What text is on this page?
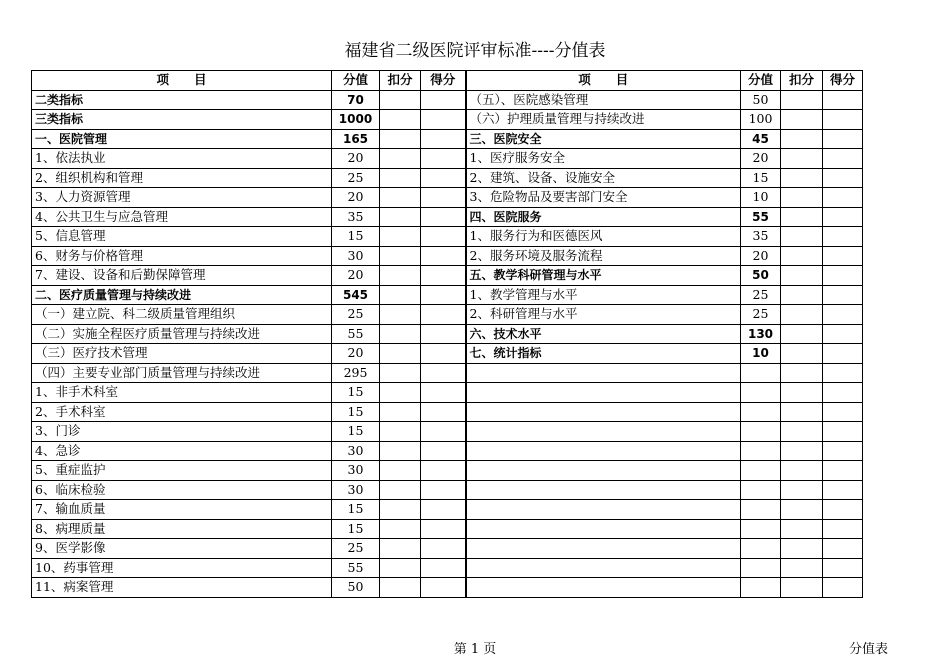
福建省二级医院评审标准----分值表
项　　目	分值	扣分	得分	项　　目	分值	扣分	得分
二类指标	70			（五）、医院感染管理	50		
三类指标	1000			（六）护理质量管理与持续改进	100		
一、医院管理	165			三、医院安全	45		
1、依法执业	20			1、医疗服务安全	20		
2、组织机构和管理	25			2、建筑、设备、设施安全	15		
3、人力资源管理	20			3、危险物品及要害部门安全	10		
4、公共卫生与应急管理	35			四、医院服务	55		
5、信息管理	15			1、服务行为和医德医风	35		
6、财务与价格管理	30			2、服务环境及服务流程	20		
7、建设、设备和后勤保障管理	20			五、教学科研管理与水平	50		
二、医疗质量管理与持续改进	545			1、教学管理与水平	25		
（一）建立院、科二级质量管理组织	25			2、科研管理与水平	25		
（二）实施全程医疗质量管理与持续改进	55			六、技术水平	130		
（三）医疗技术管理	20			七、统计指标	10		
（四）主要专业部门质量管理与持续改进	295						
1、非手术科室	15						
2、手术科室	15						
3、门诊	15						
4、急诊	30						
5、重症监护	30						
6、临床检验	30						
7、输血质量	15						
8、病理质量	15						
9、医学影像	25						
10、药事管理	55						
11、病案管理	50						
第 1 页	分值表
